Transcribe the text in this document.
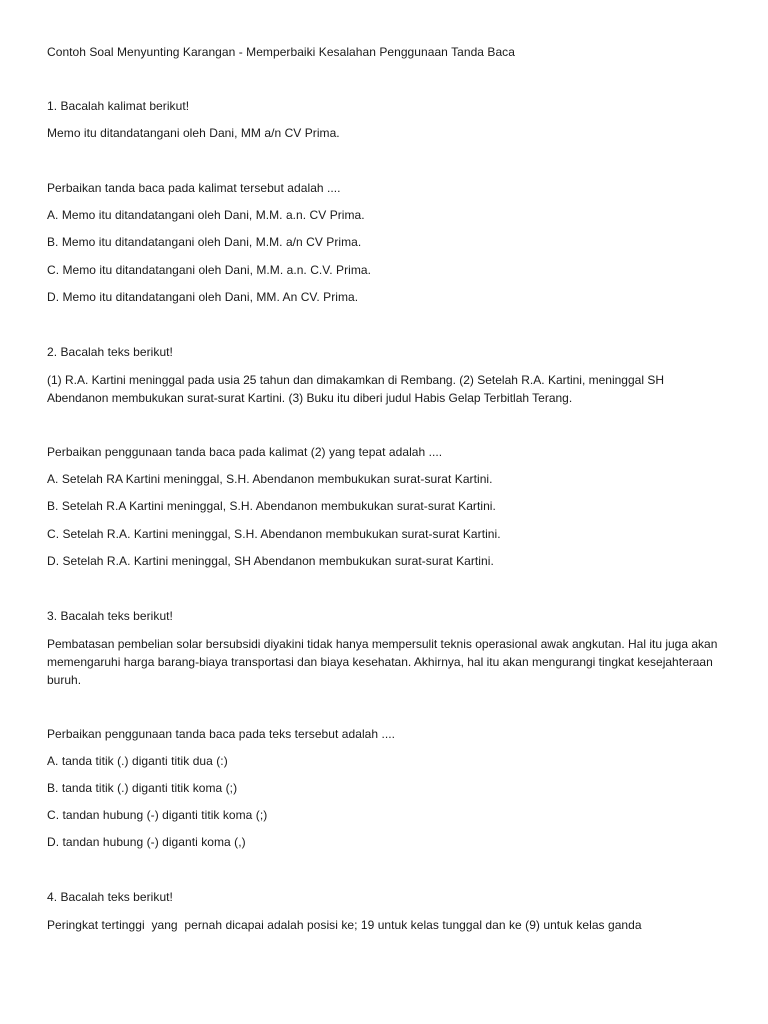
Contoh Soal Menyunting Karangan - Memperbaiki Kesalahan Penggunaan Tanda Baca
1. Bacalah kalimat berikut!
Memo itu ditandatangani oleh Dani, MM a/n CV Prima.
Perbaikan tanda baca pada kalimat tersebut adalah ....
A. Memo itu ditandatangani oleh Dani, M.M. a.n. CV Prima.
B. Memo itu ditandatangani oleh Dani, M.M. a/n CV Prima.
C. Memo itu ditandatangani oleh Dani, M.M. a.n. C.V. Prima.
D. Memo itu ditandatangani oleh Dani, MM. An CV. Prima.
2. Bacalah teks berikut!
(1) R.A. Kartini meninggal pada usia 25 tahun dan dimakamkan di Rembang. (2) Setelah R.A. Kartini, meninggal SH Abendanon membukukan surat-surat Kartini. (3) Buku itu diberi judul Habis Gelap Terbitlah Terang.
Perbaikan penggunaan tanda baca pada kalimat (2) yang tepat adalah ....
A. Setelah RA Kartini meninggal, S.H. Abendanon membukukan surat-surat Kartini.
B. Setelah R.A Kartini meninggal, S.H. Abendanon membukukan surat-surat Kartini.
C. Setelah R.A. Kartini meninggal, S.H. Abendanon membukukan surat-surat Kartini.
D. Setelah R.A. Kartini meninggal, SH Abendanon membukukan surat-surat Kartini.
3. Bacalah teks berikut!
Pembatasan pembelian solar bersubsidi diyakini tidak hanya mempersulit teknis operasional awak angkutan. Hal itu juga akan memengaruhi harga barang-biaya transportasi dan biaya kesehatan. Akhirnya, hal itu akan mengurangi tingkat kesejahteraan buruh.
Perbaikan penggunaan tanda baca pada teks tersebut adalah ....
A. tanda titik (.) diganti titik dua (:)
B. tanda titik (.) diganti titik koma (;)
C. tandan hubung (-) diganti titik koma (;)
D. tandan hubung (-) diganti koma (,)
4. Bacalah teks berikut!
Peringkat tertinggi  yang  pernah dicapai adalah posisi ke; 19 untuk kelas tunggal dan ke (9) untuk kelas ganda
